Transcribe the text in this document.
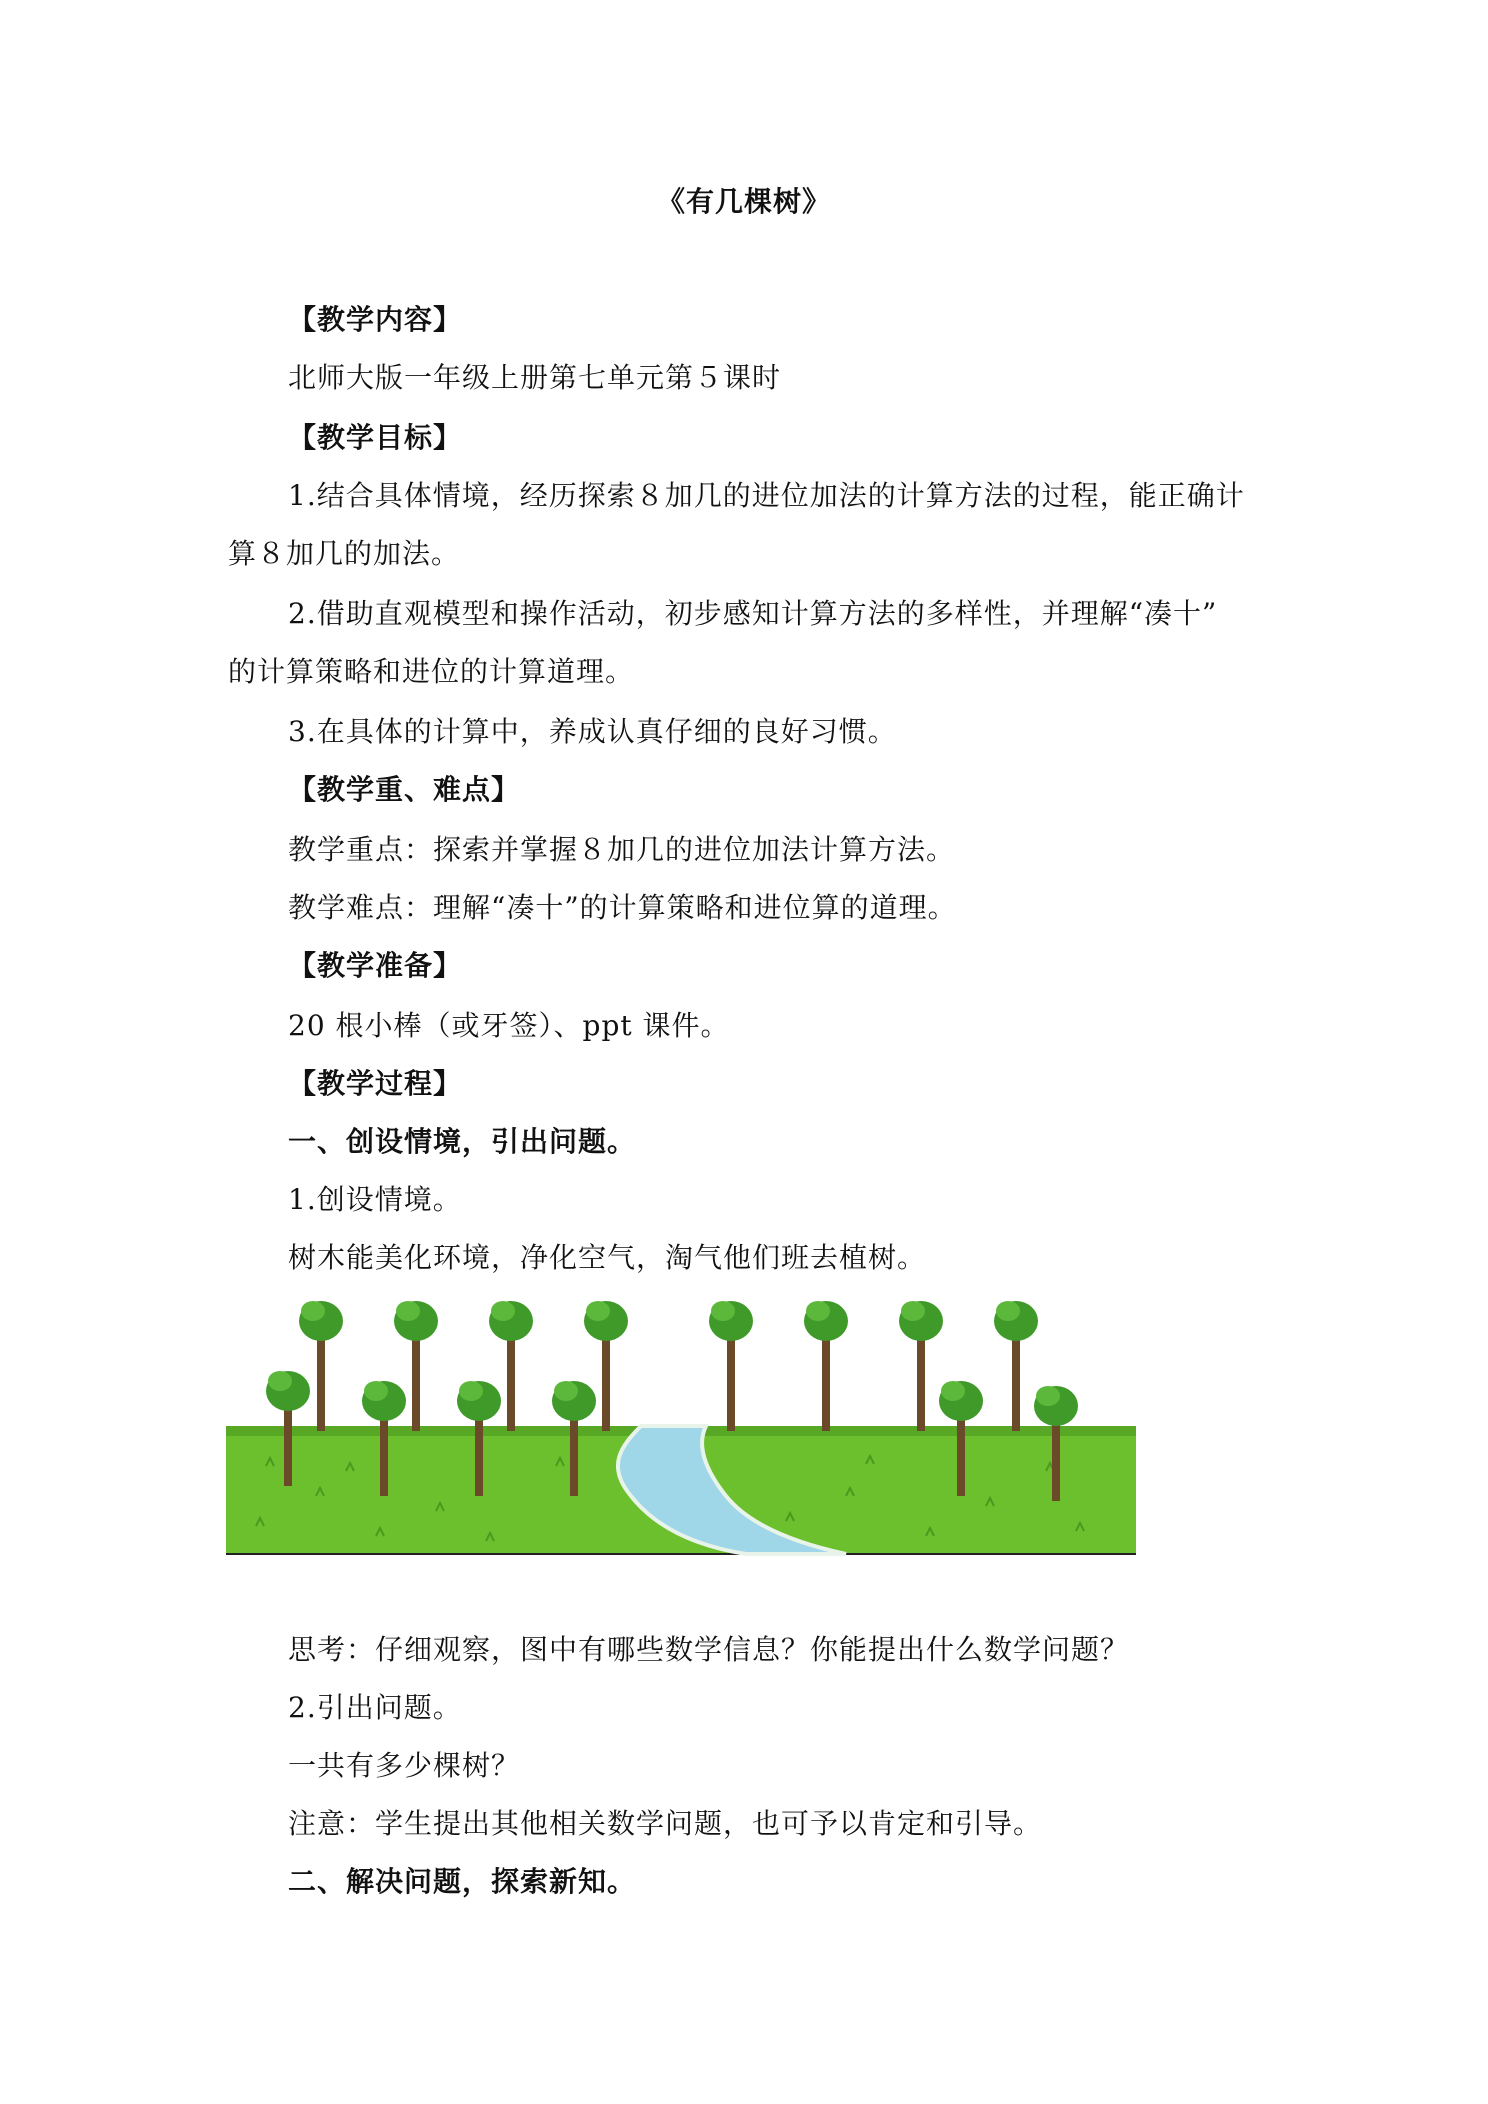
《有几棵树》
【教学内容】
北师大版一年级上册第七单元第５课时
【教学目标】
1.结合具体情境，经历探索８加几的进位加法的计算方法的过程，能正确计
算８加几的加法。
2.借助直观模型和操作活动，初步感知计算方法的多样性，并理解“凑十”
的计算策略和进位的计算道理。
3.在具体的计算中，养成认真仔细的良好习惯。
【教学重、难点】
教学重点：探索并掌握８加几的进位加法计算方法。
教学难点：理解“凑十”的计算策略和进位算的道理。
【教学准备】
20 根小棒（或牙签）、ppt 课件。
【教学过程】
一、创设情境，引出问题。
1.创设情境。
树木能美化环境，净化空气，淘气他们班去植树。
思考：仔细观察，图中有哪些数学信息？你能提出什么数学问题？
2.引出问题。
一共有多少棵树？
注意：学生提出其他相关数学问题，也可予以肯定和引导。
二、解决问题，探索新知。
